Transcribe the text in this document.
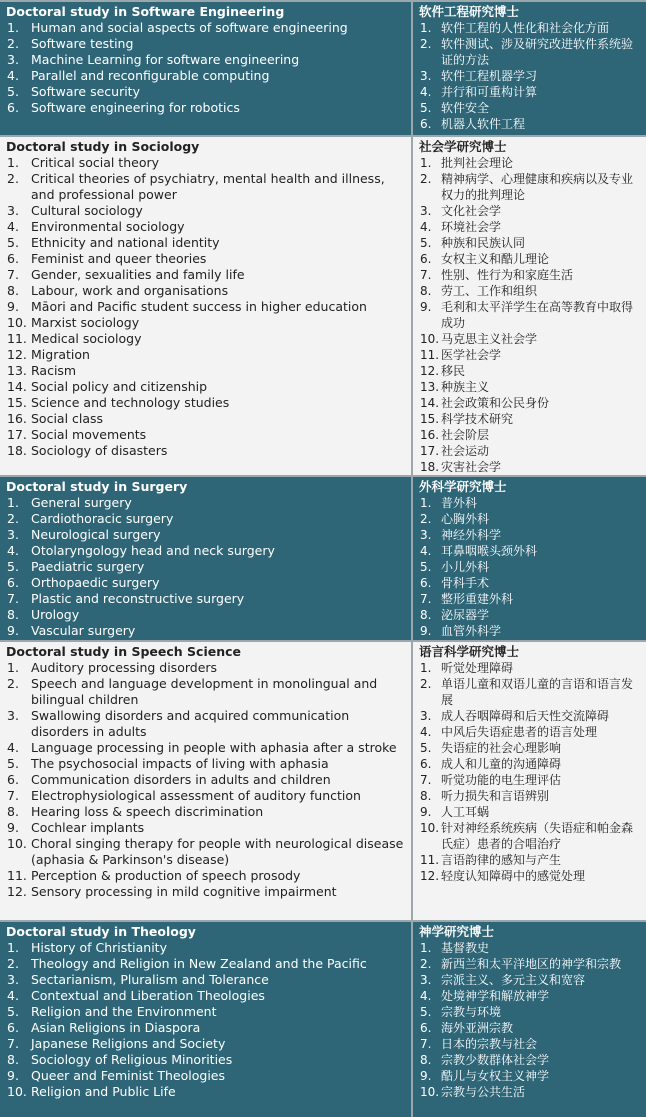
Doctoral study in Software Engineering
1. Human and social aspects of software engineering
2. Software testing
3. Machine Learning for software engineering
4. Parallel and reconfigurable computing
5. Software security
6. Software engineering for robotics
软件工程研究博士
1. 软件工程的人性化和社会化方面
2. 软件测试、涉及研究改进软件系统验证的方法
3. 软件工程机器学习
4. 并行和可重构计算
5. 软件安全
6. 机器人软件工程
Doctoral study in Sociology
1. Critical social theory
2. Critical theories of psychiatry, mental health and illness, and professional power
3. Cultural sociology
4. Environmental sociology
5. Ethnicity and national identity
6. Feminist and queer theories
7. Gender, sexualities and family life
8. Labour, work and organisations
9. Māori and Pacific student success in higher education
10. Marxist sociology
11. Medical sociology
12. Migration
13. Racism
14. Social policy and citizenship
15. Science and technology studies
16. Social class
17. Social movements
18. Sociology of disasters
社会学研究博士
1. 批判社会理论
2. 精神病学、心理健康和疾病以及专业权力的批判理论
3. 文化社会学
4. 环境社会学
5. 种族和民族认同
6. 女权主义和酷儿理论
7. 性别、性行为和家庭生活
8. 劳工、工作和组织
9. 毛利和太平洋学生在高等教育中取得成功
10. 马克思主义社会学
11. 医学社会学
12. 移民
13. 种族主义
14. 社会政策和公民身份
15. 科学技术研究
16. 社会阶层
17. 社会运动
18. 灾害社会学
Doctoral study in Surgery
1. General surgery
2. Cardiothoracic surgery
3. Neurological surgery
4. Otolaryngology head and neck surgery
5. Paediatric surgery
6. Orthopaedic surgery
7. Plastic and reconstructive surgery
8. Urology
9. Vascular surgery
外科学研究博士
1. 普外科
2. 心胸外科
3. 神经外科学
4. 耳鼻咽喉头颈外科
5. 小儿外科
6. 骨科手术
7. 整形重建外科
8. 泌尿器学
9. 血管外科学
Doctoral study in Speech Science
1. Auditory processing disorders
2. Speech and language development in monolingual and bilingual children
3. Swallowing disorders and acquired communication disorders in adults
4. Language processing in people with aphasia after a stroke
5. The psychosocial impacts of living with aphasia
6. Communication disorders in adults and children
7. Electrophysiological assessment of auditory function
8. Hearing loss & speech discrimination
9. Cochlear implants
10. Choral singing therapy for people with neurological disease (aphasia & Parkinson's disease)
11. Perception & production of speech prosody
12. Sensory processing in mild cognitive impairment
语言科学研究博士
1. 听觉处理障碍
2. 单语儿童和双语儿童的言语和语言发展
3. 成人吞咽障碍和后天性交流障碍
4. 中风后失语症患者的语言处理
5. 失语症的社会心理影响
6. 成人和儿童的沟通障碍
7. 听觉功能的电生理评估
8. 听力损失和言语辨别
9. 人工耳蜗
10. 针对神经系统疾病（失语症和帕金森氏症）患者的合唱治疗
11. 言语韵律的感知与产生
12. 轻度认知障碍中的感觉处理
Doctoral study in Theology
1. History of Christianity
2. Theology and Religion in New Zealand and the Pacific
3. Sectarianism, Pluralism and Tolerance
4. Contextual and Liberation Theologies
5. Religion and the Environment
6. Asian Religions in Diaspora
7. Japanese Religions and Society
8. Sociology of Religious Minorities
9. Queer and Feminist Theologies
10. Religion and Public Life
神学研究博士
1. 基督教史
2. 新西兰和太平洋地区的神学和宗教
3. 宗派主义、多元主义和宽容
4. 处境神学和解放神学
5. 宗教与环境
6. 海外亚洲宗教
7. 日本的宗教与社会
8. 宗教少数群体社会学
9. 酷儿与女权主义神学
10. 宗教与公共生活
